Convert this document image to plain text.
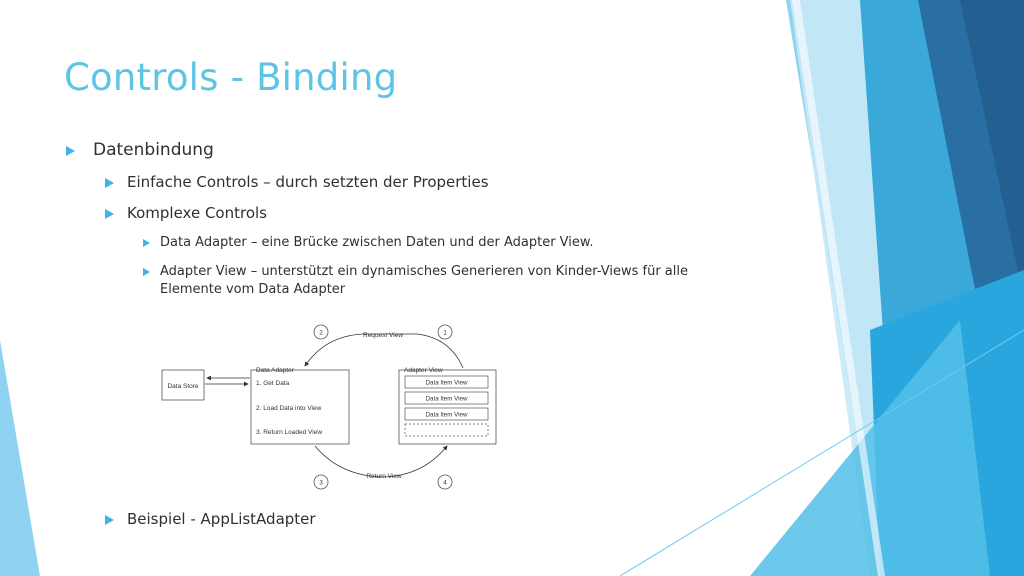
Controls - Binding
Datenbindung
Einfache Controls – durch setzten der Properties
Komplexe Controls
Data Adapter – eine Brücke zwischen Daten und der Adapter View.
Adapter View – unterstützt ein dynamisches Generieren von Kinder-Views für alle
Elemente vom Data Adapter
Data Store
Data Adapter
1. Get Data
2. Load Data into View
3. Return Loaded View
Adapter View
Data Item View
Data Item View
Data Item View
Request View
Return View
1
2
3	4
Beispiel - AppListAdapter
